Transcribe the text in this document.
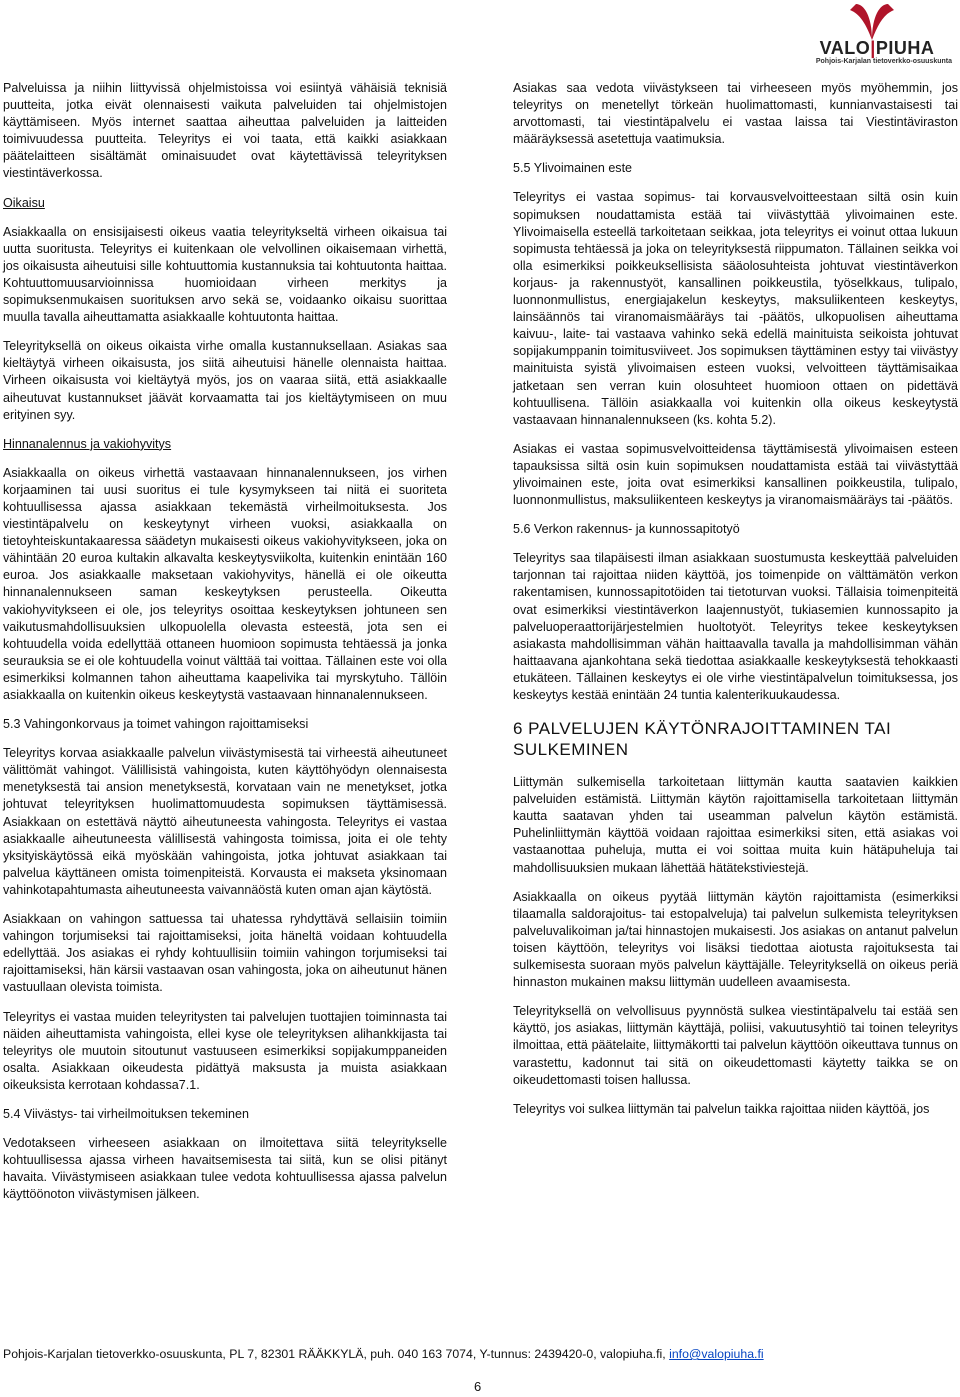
VALO|PIUHA
Pohjois-Karjalan tietoverkko-osuuskunta

Palveluissa ja niihin liittyvissä ohjelmistoissa voi esiintyä vähäisiä teknisiä puutteita, jotka eivät olennaisesti vaikuta palveluiden tai ohjelmistojen käyttämiseen. Myös internet saattaa aiheuttaa palveluiden ja laitteiden toimivuudessa puutteita. Teleyritys ei voi taata, että kaikki asiakkaan päätelaitteen sisältämät ominaisuudet ovat käytettävissä teleyrityksen viestintäverkossa.

Oikaisu

Asiakkaalla on ensisijaisesti oikeus vaatia teleyritykseltä virheen oikaisua tai uutta suoritusta. Teleyritys ei kuitenkaan ole velvollinen oikaisemaan virhettä, jos oikaisusta aiheutuisi sille kohtuuttomia kustannuksia tai kohtuutonta haittaa. Kohtuuttomuusarvioinnissa huomioidaan virheen merkitys ja sopimuksenmukaisen suorituksen arvo sekä se, voidaanko oikaisu suorittaa muulla tavalla aiheuttamatta asiakkaalle kohtuutonta haittaa.

Teleyrityksellä on oikeus oikaista virhe omalla kustannuksellaan. Asiakas saa kieltäytyä virheen oikaisusta, jos siitä aiheutuisi hänelle olennaista haittaa. Virheen oikaisusta voi kieltäytyä myös, jos on vaaraa siitä, että asiakkaalle aiheutuvat kustannukset jäävät korvaamatta tai jos kieltäytymiseen on muu erityinen syy.

Hinnanalennus ja vakiohyvitys

Asiakkaalla on oikeus virhettä vastaavaan hinnanalennukseen, jos virhen korjaaminen tai uusi suoritus ei tule kysymykseen tai niitä ei suoriteta kohtuullisessa ajassa asiakkaan tekemästä virheilmoituksesta. Jos viestintäpalvelu on keskeytynyt virheen vuoksi, asiakkaalla on tietoyhteiskuntakaaressa säädetyn mukaisesti oikeus vakiohyvitykseen, joka on vähintään 20 euroa kultakin alkavalta keskeytysviikolta, kuitenkin enintään 160 euroa. Jos asiakkaalle maksetaan vakiohyvitys, hänellä ei ole oikeutta hinnanalennukseen saman keskeytyksen perusteella. Oikeutta vakiohyvitykseen ei ole, jos teleyritys osoittaa keskeytyksen johtuneen sen vaikutusmahdollisuuksien ulkopuolella olevasta esteestä, jota sen ei kohtuudella voida edellyttää ottaneen huomioon sopimusta tehtäessä ja jonka seurauksia se ei ole kohtuudella voinut välttää tai voittaa. Tällainen este voi olla esimerkiksi kolmannen tahon aiheuttama kaapelivika tai myrskytuho. Tällöin asiakkaalla on kuitenkin oikeus keskeytystä vastaavaan hinnanalennukseen.

5.3 Vahingonkorvaus ja toimet vahingon rajoittamiseksi

Teleyritys korvaa asiakkaalle palvelun viivästymisestä tai virheestä aiheutuneet välittömät vahingot. Välillisistä vahingoista, kuten käyttöhyödyn olennaisesta menetyksestä tai ansion menetyksestä, korvataan vain ne menetykset, jotka johtuvat teleyrityksen huolimattomuudesta sopimuksen täyttämisessä. Asiakkaan on estettävä näyttö aiheutuneesta vahingosta. Teleyritys ei vastaa asiakkaalle aiheutuneesta välillisestä vahingosta toimissa, joita ei ole tehty yksityiskäytössä eikä myöskään vahingoista, jotka johtuvat asiakkaan tai palvelua käyttäneen omista toimenpiteistä. Korvausta ei makseta yksinomaan vahinkotapahtumasta aiheutuneesta vaivannäöstä kuten oman ajan käytöstä.

Asiakkaan on vahingon sattuessa tai uhatessa ryhdyttävä sellaisiin toimiin vahingon torjumiseksi tai rajoittamiseksi, joita häneltä voidaan kohtuudella edellyttää. Jos asiakas ei ryhdy kohtuullisiin toimiin vahingon torjumiseksi tai rajoittamiseksi, hän kärsii vastaavan osan vahingosta, joka on aiheutunut hänen vastuullaan olevista toimista.

Teleyritys ei vastaa muiden teleyritysten tai palvelujen tuottajien toiminnasta tai näiden aiheuttamista vahingoista, ellei kyse ole teleyrityksen alihankkijasta tai teleyritys ole muutoin sitoutunut vastuuseen esimerkiksi sopijakumppaneiden osalta. Asiakkaan oikeudesta pidättyä maksusta ja muista asiakkaan oikeuksista kerrotaan kohdassa7.1.

5.4 Viivästys- tai virheilmoituksen tekeminen

Vedotakseen virheeseen asiakkaan on ilmoitettava siitä teleyritykselle kohtuullisessa ajassa virheen havaitsemisesta tai siitä, kun se olisi pitänyt havaita. Viivästymiseen asiakkaan tulee vedota kohtuullisessa ajassa palvelun käyttöönoton viivästymisen jälkeen.

Asiakas saa vedota viivästykseen tai virheeseen myös myöhemmin, jos teleyritys on menetellyt törkeän huolimattomasti, kunnianvastaisesti tai arvottomasti, tai viestintäpalvelu ei vastaa laissa tai Viestintäviraston määräyksessä asetettuja vaatimuksia.

5.5 Ylivoimainen este

Teleyritys ei vastaa sopimus- tai korvausvelvoitteestaan siltä osin kuin sopimuksen noudattamista estää tai viivästyttää ylivoimainen este. Ylivoimaisella esteellä tarkoitetaan seikkaa, jota teleyritys ei voinut ottaa lukuun sopimusta tehtäessä ja joka on teleyrityksestä riippumaton. Tällainen seikka voi olla esimerkiksi poikkeuksellisista sääolosuhteista johtuvat viestintäverkon korjaus- ja rakennustyöt, kansallinen poikkeustila, työselkkaus, tulipalo, luonnonmullistus, energiajakelun keskeytys, maksuliikenteen keskeytys, lainsäännös tai viranomaismääräys tai -päätös, ulkopuolisen aiheuttama kaivuu-, laite- tai vastaava vahinko sekä edellä mainituista seikoista johtuvat sopijakumppanin toimitusviiveet. Jos sopimuksen täyttäminen estyy tai viivästyy mainituista syistä ylivoimaisen esteen vuoksi, velvoitteen täyttämisaikaa jatketaan sen verran kuin olosuhteet huomioon ottaen on pidettävä kohtuullisena. Tällöin asiakkaalla voi kuitenkin olla oikeus keskeytystä vastaavaan hinnanalennukseen (ks. kohta 5.2).

Asiakas ei vastaa sopimusvelvoitteidensa täyttämisestä ylivoimaisen esteen tapauksissa siltä osin kuin sopimuksen noudattamista estää tai viivästyttää ylivoimainen este, joita ovat esimerkiksi kansallinen poikkeustila, tulipalo, luonnonmullistus, maksuliikenteen keskeytys ja viranomaismääräys tai -päätös.

5.6 Verkon rakennus- ja kunnossapitotyö

Teleyritys saa tilapäisesti ilman asiakkaan suostumusta keskeyttää palveluiden tarjonnan tai rajoittaa niiden käyttöä, jos toimenpide on välttämätön verkon rakentamisen, kunnossapitotöiden tai tietoturvan vuoksi. Tällaisia toimenpiteitä ovat esimerkiksi viestintäverkon laajennustyöt, tukiasemien kunnossapito ja palveluoperaattorijärjestelmien huoltotyöt. Teleyritys tekee keskeytyksen asiakasta mahdollisimman vähän haittaavalla tavalla ja mahdollisimman vähän haittaavana ajankohtana sekä tiedottaa asiakkaalle keskeytyksestä tehokkaasti etukäteen. Tällainen keskeytys ei ole virhe viestintäpalvelun toimituksessa, jos keskeytys kestää enintään 24 tuntia kalenterikuukaudessa.

6 PALVELUJEN KÄYTÖNRAJOITTAMINEN TAI SULKEMINEN

Liittymän sulkemisella tarkoitetaan liittymän kautta saatavien kaikkien palveluiden estämistä. Liittymän käytön rajoittamisella tarkoitetaan liittymän kautta saatavan yhden tai useamman palvelun käytön estämistä. Puhelinliittymän käyttöä voidaan rajoittaa esimerkiksi siten, että asiakas voi vastaanottaa puheluja, mutta ei voi soittaa muita kuin hätäpuheluja tai mahdollisuuksien mukaan lähettää hätätekstiviestejä.

Asiakkaalla on oikeus pyytää liittymän käytön rajoittamista (esimerkiksi tilaamalla saldorajoitus- tai estopalveluja) tai palvelun sulkemista teleyrityksen palveluvalikoiman ja/tai hinnastojen mukaisesti. Jos asiakas on antanut palvelun toisen käyttöön, teleyritys voi lisäksi tiedottaa aiotusta rajoituksesta tai sulkemisesta suoraan myös palvelun käyttäjälle. Teleyrityksellä on oikeus periä hinnaston mukainen maksu liittymän uudelleen avaamisesta.

Teleyrityksellä on velvollisuus pyynnöstä sulkea viestintäpalvelu tai estää sen käyttö, jos asiakas, liittymän käyttäjä, poliisi, vakuutusyhtiö tai toinen teleyritys ilmoittaa, että päätelaite, liittymäkortti tai palvelun käyttöön oikeuttava tunnus on varastettu, kadonnut tai sitä on oikeudettomasti käytetty taikka se on oikeudettomasti toisen hallussa.

Teleyritys voi sulkea liittymän tai palvelun taikka rajoittaa niiden käyttöä, jos

Pohjois-Karjalan tietoverkko-osuuskunta, PL 7, 82301 RÄÄKKYLÄ, puh. 040 163 7074, Y-tunnus: 2439420-0, valopiuha.fi, info@valopiuha.fi
6
